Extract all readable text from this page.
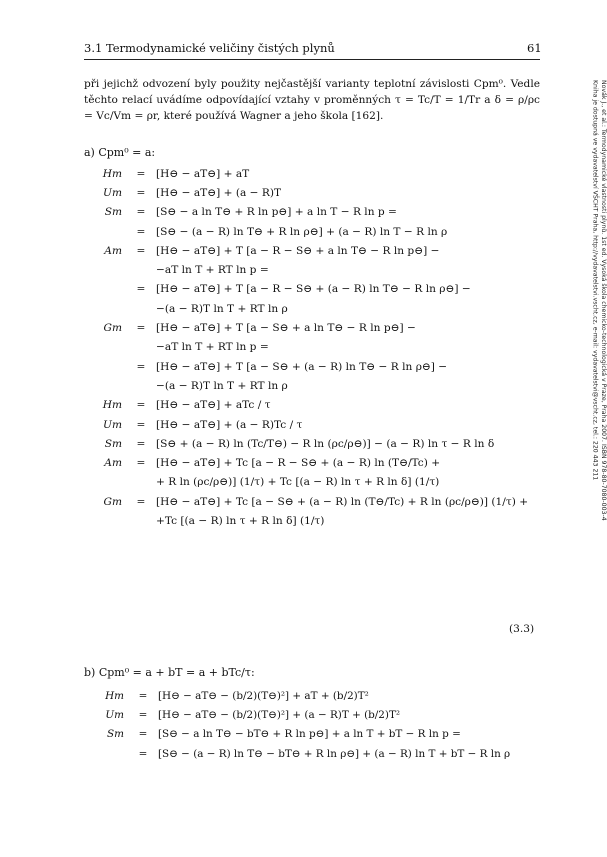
3.1 Termodynamické veličiny čistých plynů	61
při jejichž odvození byly použity nejčastější varianty teplotní závislosti Cpm⁰. Vedle těchto relací uvádíme odpovídající vztahy v proměnných τ = Tc/T = 1/Tr a δ = ρ/ρc = Vc/Vm = ρr, které používá Wagner a jeho škola [162].
a) Cpm⁰ = a:
Hm	=	[H⊖ − aT⊖] + aT
Um	=	[H⊖ − aT⊖] + (a − R)T
Sm	=	[S⊖ − a ln T⊖ + R ln p⊖] + a ln T − R ln p =
	=	[S⊖ − (a − R) ln T⊖ + R ln ρ⊖] + (a − R) ln T − R ln ρ
Am	=	[H⊖ − aT⊖] + T [a − R − S⊖ + a ln T⊖ − R ln p⊖] −
		−aT ln T + RT ln p =
	=	[H⊖ − aT⊖] + T [a − R − S⊖ + (a − R) ln T⊖ − R ln ρ⊖] −
		−(a − R)T ln T + RT ln ρ
Gm	=	[H⊖ − aT⊖] + T [a − S⊖ + a ln T⊖ − R ln p⊖] −
		−aT ln T + RT ln p =
	=	[H⊖ − aT⊖] + T [a − S⊖ + (a − R) ln T⊖ − R ln ρ⊖] −
		−(a − R)T ln T + RT ln ρ
Hm	=	[H⊖ − aT⊖] + aTc / τ
Um	=	[H⊖ − aT⊖] + (a − R)Tc / τ
Sm	=	[S⊖ + (a − R) ln (Tc/T⊖) − R ln (ρc/ρ⊖)] − (a − R) ln τ − R ln δ
Am	=	[H⊖ − aT⊖] + Tc [a − R − S⊖ + (a − R) ln (T⊖/Tc) +
		+ R ln (ρc/ρ⊖)] (1/τ) + Tc [(a − R) ln τ + R ln δ] (1/τ)
Gm	=	[H⊖ − aT⊖] + Tc [a − S⊖ + (a − R) ln (T⊖/Tc) + R ln (ρc/ρ⊖)] (1/τ) +
		+Tc [(a − R) ln τ + R ln δ] (1/τ)
(3.3)
b) Cpm⁰ = a + bT = a + bTc/τ:
Hm	=	[H⊖ − aT⊖ − (b/2)(T⊖)²] + aT + (b/2)T²
Um	=	[H⊖ − aT⊖ − (b/2)(T⊖)²] + (a − R)T + (b/2)T²
Sm	=	[S⊖ − a ln T⊖ − bT⊖ + R ln p⊖] + a ln T + bT − R ln p =
	=	[S⊖ − (a − R) ln T⊖ − bT⊖ + R ln ρ⊖] + (a − R) ln T + bT − R ln ρ
Novák J., et al.: Termodynamické vlastnosti plynů. 1st ed. Vysoká škola chemicko-technologická v Praze, Praha 2007. ISBN 978-80-7080-003-4
Kniha je dostupná ve vydavatelství VŠCHT Praha, http://vydavatelstvi.vscht.cz, e-mail: vydavatelstvi@vscht.cz, tel.: 220 443 211
